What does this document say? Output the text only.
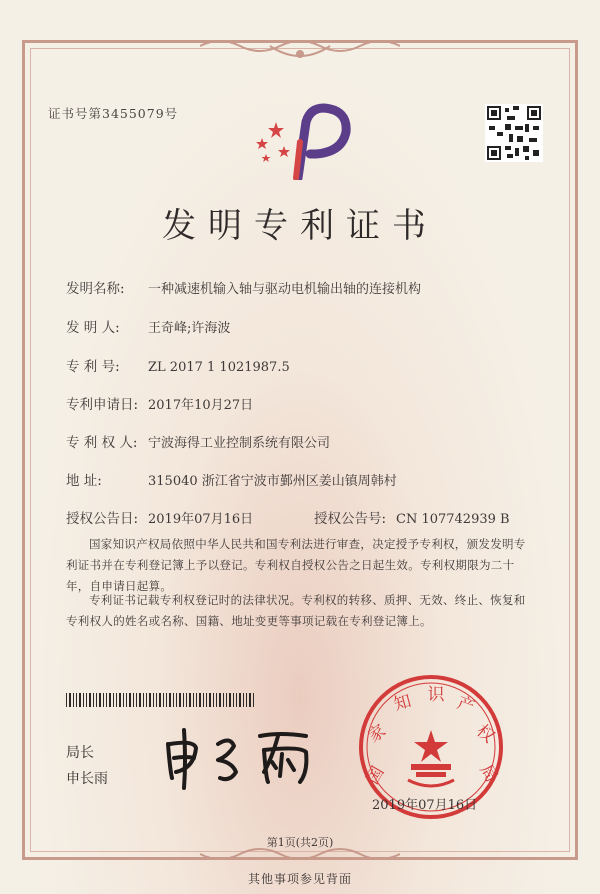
证书号第3455079号
发明专利证书
发明名称: 一种减速机输入轴与驱动电机输出轴的连接机构
发 明 人: 王奇峰;许海波
专 利 号: ZL 2017 1 1021987.5
专利申请日: 2017年10月27日
专 利 权 人: 宁波海得工业控制系统有限公司
地 址:	315040 浙江省宁波市鄞州区姜山镇周韩村
授权公告日: 2019年07月16日	授权公告号: CN 107742939 B
国家知识产权局依照中华人民共和国专利法进行审查，决定授予专利权，颁发发明专利证书并在专利登记簿上予以登记。专利权自授权公告之日起生效。专利权期限为二十年，自申请日起算。
专利证书记载专利权登记时的法律状况。专利权的转移、质押、无效、终止、恢复和专利权人的姓名或名称、国籍、地址变更等事项记载在专利登记簿上。
局长
申长雨	国
家
知 识 产
权
局
2019年07月16日
第1页(共2页)
其他事项参见背面
